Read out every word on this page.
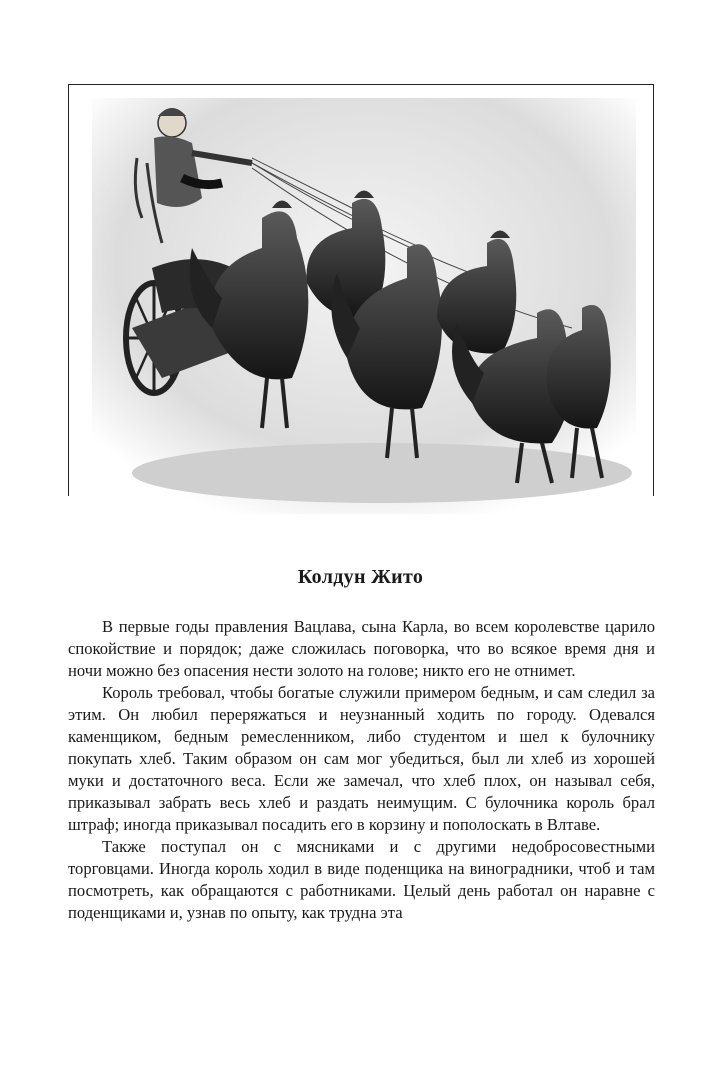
Колдун Жито

В первые годы правления Вацлава, сына Карла, во всем королевстве царило спокойствие и порядок; даже сложилась поговорка, что во всякое время дня и ночи можно без опасения нести золото на голове; никто его не отнимет.

Король требовал, чтобы богатые служили примером бедным, и сам следил за этим. Он любил переряжаться и неузнанный ходить по городу. Одевался каменщиком, бедным ремесленником, либо студентом и шел к булочнику покупать хлеб. Таким образом он сам мог убедиться, был ли хлеб из хорошей муки и достаточного веса. Если же замечал, что хлеб плох, он называл себя, приказывал забрать весь хлеб и раздать неимущим. С булочника король брал штраф; иногда приказывал посадить его в корзину и пополоскать в Влтаве.

Также поступал он с мясниками и с другими недобросовестными торговцами. Иногда король ходил в виде поденщика на виноградники, чтоб и там посмотреть, как обращаются с работниками. Целый день работал он наравне с поденщиками и, узнав по опыту, как трудна эта
